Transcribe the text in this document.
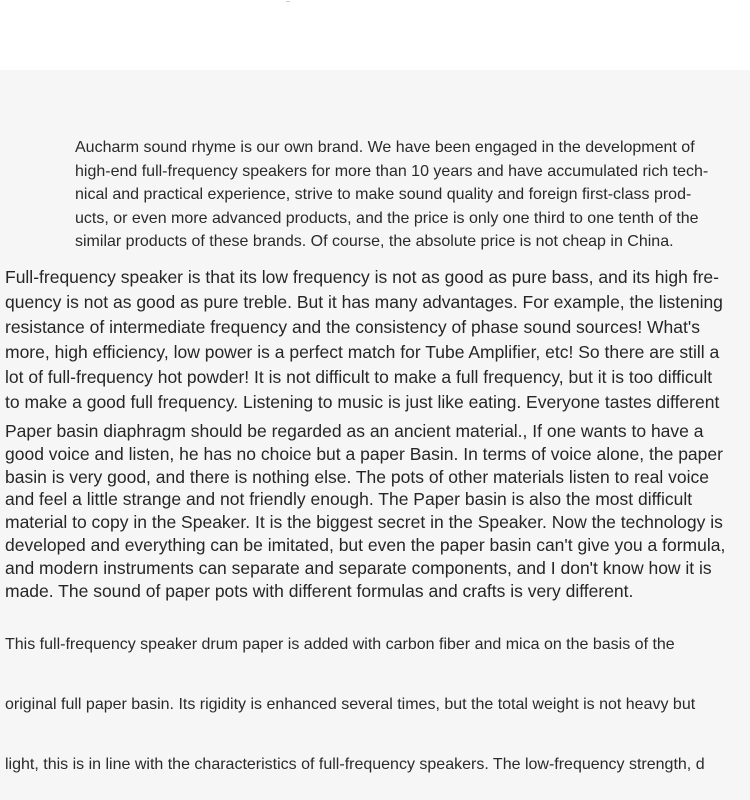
Aucharm sound rhyme is our own brand. We have been engaged in the development of
high-end full-frequency speakers for more than 10 years and have accumulated rich tech-
nical and practical experience, strive to make sound quality and foreign first-class prod-
ucts, or even more advanced products, and the price is only one third to one tenth of the
similar products of these brands. Of course, the absolute price is not cheap in China.

Full-frequency speaker is that its low frequency is not as good as pure bass, and its high fre-
quency is not as good as pure treble. But it has many advantages. For example, the listening
resistance of intermediate frequency and the consistency of phase sound sources! What's
more, high efficiency, low power is a perfect match for Tube Amplifier, etc! So there are still a
lot of full-frequency hot powder! It is not difficult to make a full frequency, but it is too difficult
to make a good full frequency. Listening to music is just like eating. Everyone tastes different

Paper basin diaphragm should be regarded as an ancient material., If one wants to have a
good voice and listen, he has no choice but a paper Basin. In terms of voice alone, the paper
basin is very good, and there is nothing else. The pots of other materials listen to real voice
and feel a little strange and not friendly enough. The Paper basin is also the most difficult
material to copy in the Speaker. It is the biggest secret in the Speaker. Now the technology is
developed and everything can be imitated, but even the paper basin can't give you a formula,
and modern instruments can separate and separate components, and I don't know how it is
made. The sound of paper pots with different formulas and crafts is very different.

This full-frequency speaker drum paper is added with carbon fiber and mica on the basis of the
original full paper basin. Its rigidity is enhanced several times, but the total weight is not heavy but
light, this is in line with the characteristics of full-frequency speakers. The low-frequency strength, d
